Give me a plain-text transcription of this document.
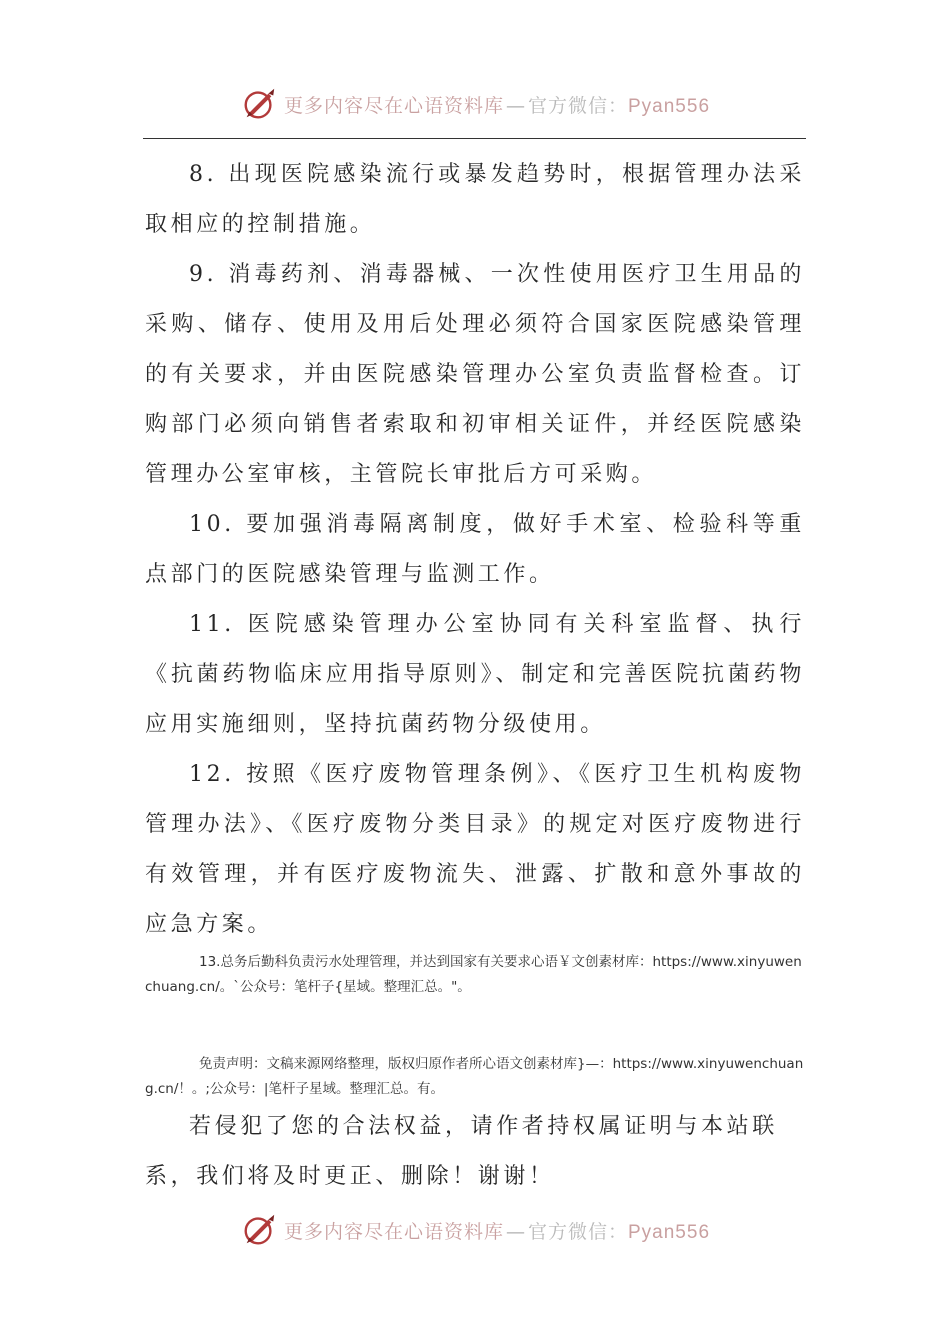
更多内容尽在心语资料库 — 官方微信：Pyan556

8. 出现医院感染流行或暴发趋势时，根据管理办法采取相应的控制措施。

9. 消毒药剂、消毒器械、一次性使用医疗卫生用品的采购、储存、使用及用后处理必须符合国家医院感染管理的有关要求，并由医院感染管理办公室负责监督检查。订购部门必须向销售者索取和初审相关证件，并经医院感染管理办公室审核，主管院长审批后方可采购。

10. 要加强消毒隔离制度，做好手术室、检验科等重点部门的医院感染管理与监测工作。

11. 医院感染管理办公室协同有关科室监督、执行《抗菌药物临床应用指导原则》、制定和完善医院抗菌药物应用实施细则，坚持抗菌药物分级使用。

12. 按照《医疗废物管理条例》、《医疗卫生机构废物管理办法》、《医疗废物分类目录》的规定对医疗废物进行有效管理，并有医疗废物流失、泄露、扩散和意外事故的应急方案。

13.总务后勤科负责污水处理管理，并达到国家有关要求心语￥文创素材库：https://www.xinyuwenchuang.cn/。`公众号：笔杆子{星域。整理汇总。"。

免责声明：文稿来源网络整理，版权归原作者所心语文创素材库}—：https://www.xinyuwenchuang.cn/！。;公众号：|笔杆子星域。整理汇总。有。

若侵犯了您的合法权益，请作者持权属证明与本站联系，我们将及时更正、删除！谢谢！

更多内容尽在心语资料库 — 官方微信：Pyan556
